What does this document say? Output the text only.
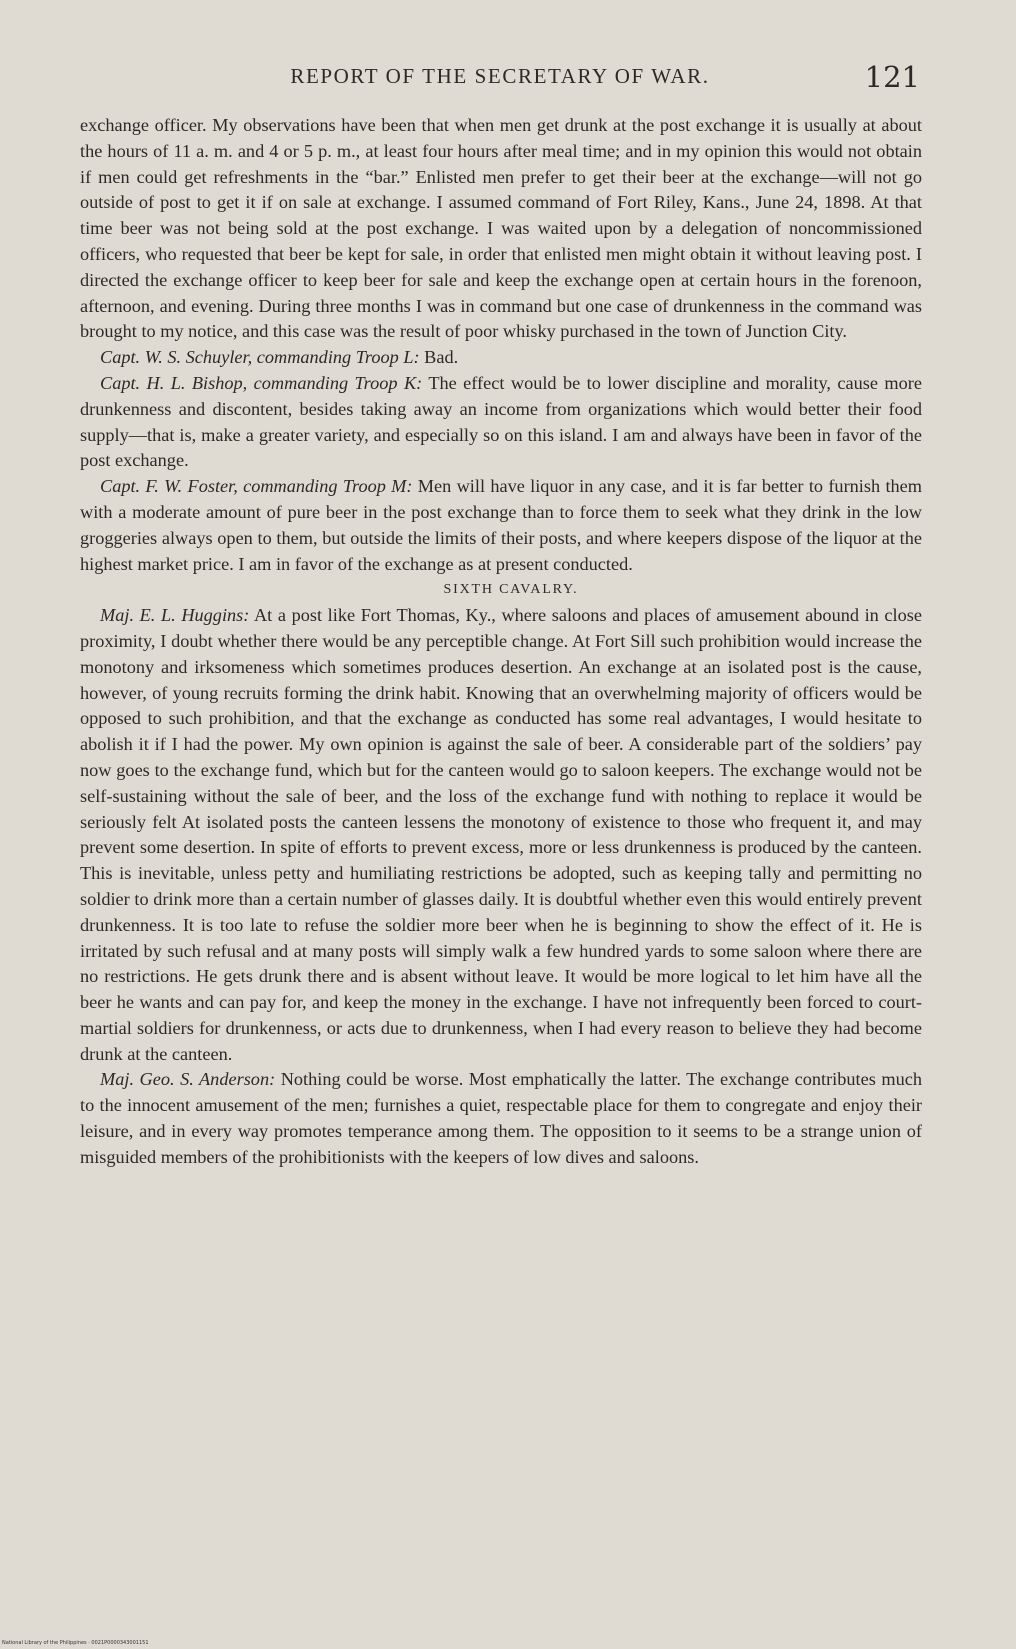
REPORT OF THE SECRETARY OF WAR.	121

exchange officer. My observations have been that when men get drunk at the post exchange it is usually at about the hours of 11 a. m. and 4 or 5 p. m., at least four hours after meal time; and in my opinion this would not obtain if men could get refreshments in the “bar.” Enlisted men prefer to get their beer at the exchange—will not go outside of post to get it if on sale at exchange. I assumed command of Fort Riley, Kans., June 24, 1898. At that time beer was not being sold at the post exchange. I was waited upon by a delegation of noncommissioned officers, who requested that beer be kept for sale, in order that enlisted men might obtain it without leaving post. I directed the exchange officer to keep beer for sale and keep the exchange open at certain hours in the forenoon, afternoon, and evening. During three months I was in command but one case of drunkenness in the command was brought to my notice, and this case was the result of poor whisky purchased in the town of Junction City.

Capt. W. S. Schuyler, commanding Troop L: Bad.

Capt. H. L. Bishop, commanding Troop K: The effect would be to lower discipline and morality, cause more drunkenness and discontent, besides taking away an income from organizations which would better their food supply—that is, make a greater variety, and especially so on this island. I am and always have been in favor of the post exchange.

Capt. F. W. Foster, commanding Troop M: Men will have liquor in any case, and it is far better to furnish them with a moderate amount of pure beer in the post exchange than to force them to seek what they drink in the low groggeries always open to them, but outside the limits of their posts, and where keepers dispose of the liquor at the highest market price. I am in favor of the exchange as at present conducted.

SIXTH CAVALRY.

Maj. E. L. Huggins: At a post like Fort Thomas, Ky., where saloons and places of amusement abound in close proximity, I doubt whether there would be any perceptible change. At Fort Sill such prohibition would increase the monotony and irksomeness which sometimes produces desertion. An exchange at an isolated post is the cause, however, of young recruits forming the drink habit. Knowing that an overwhelming majority of officers would be opposed to such prohibition, and that the exchange as conducted has some real advantages, I would hesitate to abolish it if I had the power. My own opinion is against the sale of beer. A considerable part of the soldiers’ pay now goes to the exchange fund, which but for the canteen would go to saloon keepers. The exchange would not be self-sustaining without the sale of beer, and the loss of the exchange fund with nothing to replace it would be seriously felt At isolated posts the canteen lessens the monotony of existence to those who frequent it, and may prevent some desertion. In spite of efforts to prevent excess, more or less drunkenness is produced by the canteen. This is inevitable, unless petty and humiliating restrictions be adopted, such as keeping tally and permitting no soldier to drink more than a certain number of glasses daily. It is doubtful whether even this would entirely prevent drunkenness. It is too late to refuse the soldier more beer when he is beginning to show the effect of it. He is irritated by such refusal and at many posts will simply walk a few hundred yards to some saloon where there are no restrictions. He gets drunk there and is absent without leave. It would be more logical to let him have all the beer he wants and can pay for, and keep the money in the exchange. I have not infrequently been forced to court-martial soldiers for drunkenness, or acts due to drunkenness, when I had every reason to believe they had become drunk at the canteen.

Maj. Geo. S. Anderson: Nothing could be worse. Most emphatically the latter. The exchange contributes much to the innocent amusement of the men; furnishes a quiet, respectable place for them to congregate and enjoy their leisure, and in every way promotes temperance among them. The opposition to it seems to be a strange union of misguided members of the prohibitionists with the keepers of low dives and saloons.

National Library of the Philippines · 0021P0000343001151
